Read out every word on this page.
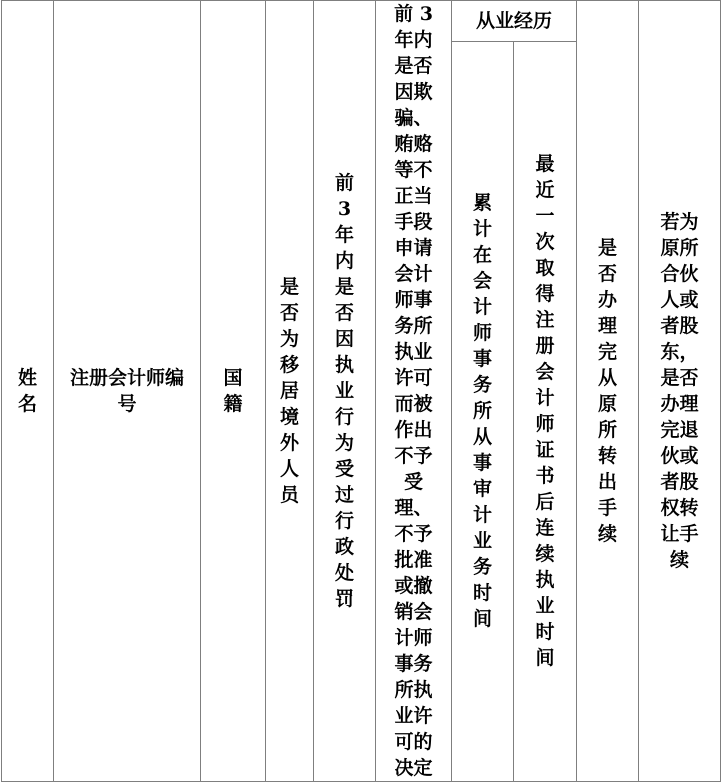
姓名	注册会计师编号	国籍	是否为移居境外人员	前 3 年内是否因执业行为受过行政处罚	前 3 年内是否因欺骗、贿赂等不正当手段申请会计师事务所执业许可而被作出不予受理、不予批准或撤销会计师事务所执业许可的决定	从业经历		是否办理完从原所转出手续	若为原所合伙人或者股东，是否办理完退伙或者股权转让手续

						累计在会计师事务所从事审计业务时间	最近一次取得注册会计师证书后连续执业时间		
